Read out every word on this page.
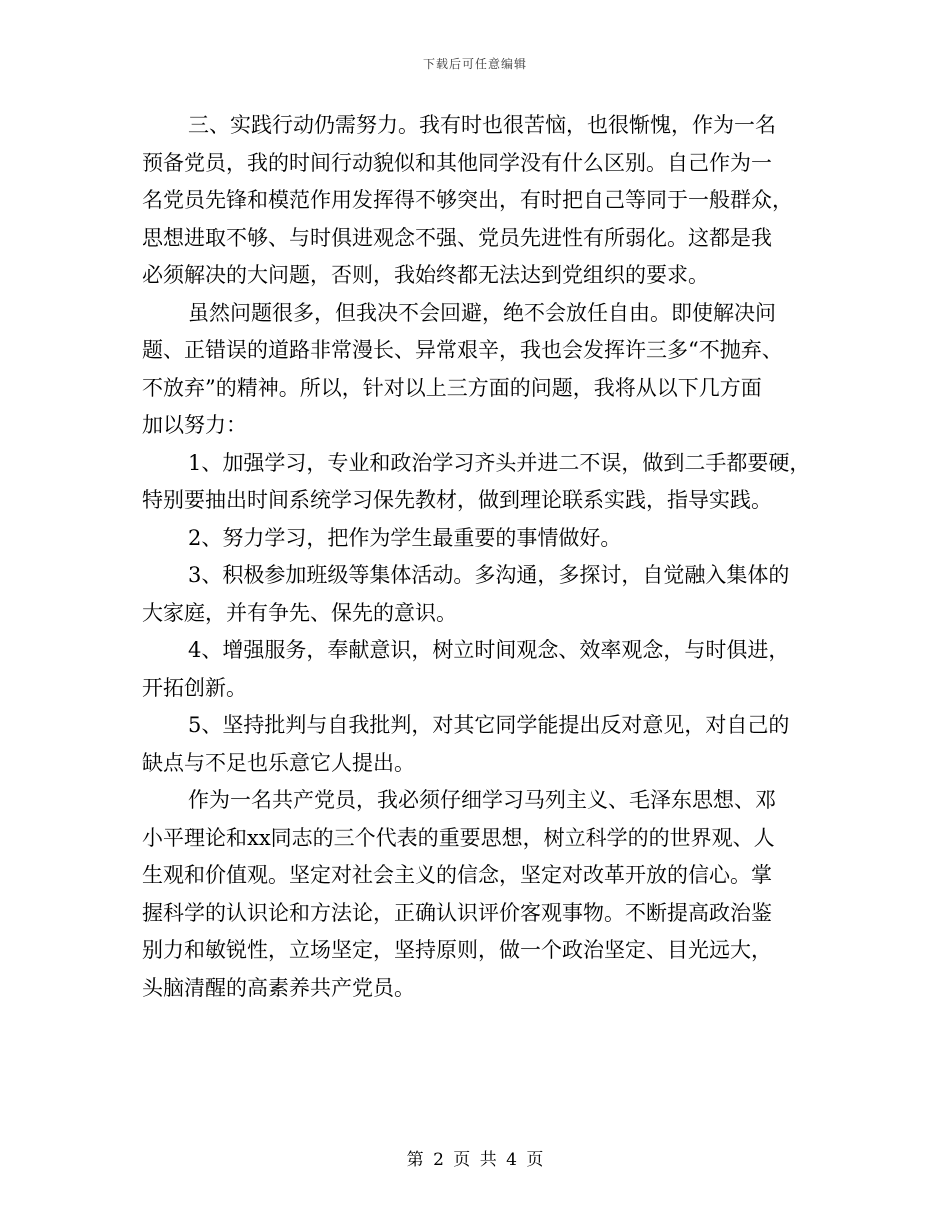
下载后可任意编辑

三、实践行动仍需努力。我有时也很苦恼，也很惭愧，作为一名
预备党员，我的时间行动貌似和其他同学没有什么区别。自己作为一
名党员先锋和模范作用发挥得不够突出，有时把自己等同于一般群众，
思想进取不够、与时俱进观念不强、党员先进性有所弱化。这都是我
必须解决的大问题，否则，我始终都无法达到党组织的要求。

虽然问题很多，但我决不会回避，绝不会放任自由。即使解决问
题、正错误的道路非常漫长、异常艰辛，我也会发挥许三多“不抛弃、
不放弃”的精神。所以，针对以上三方面的问题，我将从以下几方面
加以努力：

1、加强学习，专业和政治学习齐头并进二不误，做到二手都要硬，
特别要抽出时间系统学习保先教材，做到理论联系实践，指导实践。

2、努力学习，把作为学生最重要的事情做好。

3、积极参加班级等集体活动。多沟通，多探讨，自觉融入集体的
大家庭，并有争先、保先的意识。

4、增强服务，奉献意识，树立时间观念、效率观念，与时俱进，
开拓创新。

5、坚持批判与自我批判，对其它同学能提出反对意见，对自己的
缺点与不足也乐意它人提出。

作为一名共产党员，我必须仔细学习马列主义、毛泽东思想、邓
小平理论和xx同志的三个代表的重要思想，树立科学的的世界观、人
生观和价值观。坚定对社会主义的信念，坚定对改革开放的信心。掌
握科学的认识论和方法论，正确认识评价客观事物。不断提高政治鉴
别力和敏锐性，立场坚定，坚持原则，做一个政治坚定、目光远大，
头脑清醒的高素养共产党员。

第 2 页 共 4 页
